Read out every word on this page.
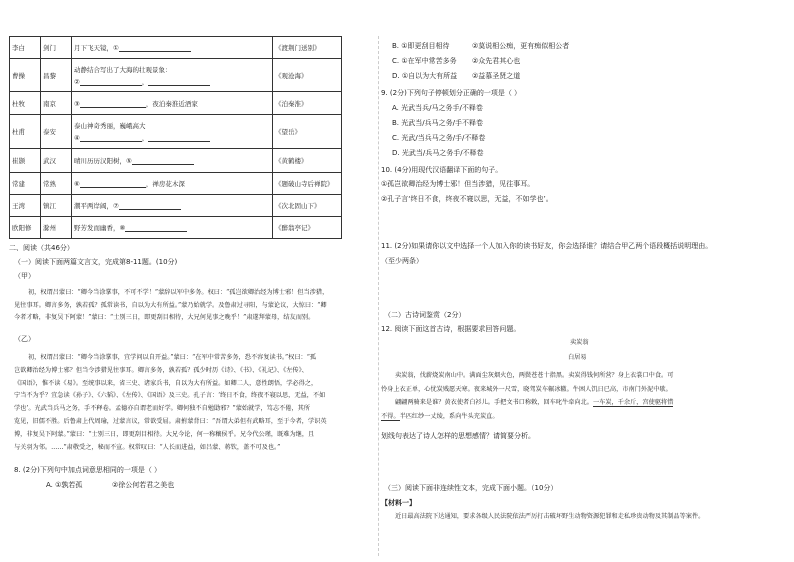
李白	剑门	月下飞天镜，①	《渡荆门送别》
曹操	昌黎	动静结合写出了大海的壮观景象：
② ，	《观沧海》
杜牧	南京	③ ，夜泊秦淮近酒家	《泊秦淮》
杜甫	泰安	泰山神奇秀丽，巍峨高大
④ ，	《望岳》
崔颢	武汉	晴川历历汉阳树，⑤	《黄鹤楼》
常建	常熟	⑥ ，禅房花木深	《题破山寺后禅院》
王湾	镇江	潮平两岸阔，⑦	《次北固山下》
欧阳修	滁州	野芳发而幽香，⑧	《醉翁亭记》
二、阅读（共46分）
（一）阅读下面两篇文言文，完成第8-11题。(10分)
（甲）
初，权谓吕蒙曰：“卿今当涂掌事，不可不学！”蒙辞以军中多务。权曰：“孤岂欲卿治经为博士邪！但当涉猎，
见往事耳。卿言多务，孰若孤？孤常读书，自以为大有所益。”蒙乃始就学。及鲁肃过寻阳，与蒙论议，大惊曰：“卿
今者才略，非复吴下阿蒙！”蒙曰：“士别三日，即更刮目相待，大兄何见事之晚乎！”肃遂拜蒙母，结友而别。
（乙）
初，权谓吕蒙曰：“卿今当涂掌事，宜学问以自开益。”蒙曰：“在军中常苦多务，恐不容复读书。”权曰：“孤
岂欲卿治经为博士邪？但当令涉猎见往事耳。卿言多务，孰若孤？孤少时历《诗》、《书》、《礼记》、《左传》、
《国语》，惟不读《易》。至统事以来，省三史、诸家兵书，自以为大有所益。如卿二人，意性朗悟，学必得之，
宁当不为乎？宜急读《孙子》、《六韬》、《左传》、《国语》及三史。孔子言：‘终日不食，终夜不寝以思，无益，不如
学也’。光武当兵马之务，手不释卷。孟德亦自谓老而好学。卿何独不自勉勖邪？”蒙始就学，笃志不倦，其所
览见，旧儒不胜。后鲁肃上代周瑜，过蒙言议，常欲受屈。肃拊蒙背曰：“吾谓大弟但有武略耳，至于今者，学识英
博，非复吴下阿蒙。”蒙曰：“士别三日，即更刮目相待。大兄今论，何一称穰侯乎。兄今代公瑾，既难为继，且
与关羽为邻。……”肃敬受之，秘而不宣。权常叹曰：“人长而进益，如吕蒙、蒋钦，盖不可及也。”
8. (2分)下列句中加点词意思相同的一项是（ ）
A. ①孰若孤	②徐公何若君之美也
B. ①即更刮目相待	②莫说相公痴，更有痴似相公者
C. ①在军中常苦多务 ②众先君其心也
D. ①自以为大有所益 ②益慕圣贤之道
9. (2分)下列句子停顿划分正确的一项是（ ）
A. 光武当兵/马之务手/不释卷
B. 光武当/兵马之务/手不释卷
C. 光武/当兵马之务/手/不释卷
D. 光武当/兵马之务手/不释卷
10. (4分)用现代汉语翻译下面的句子。
①孤岂欲卿治经为博士邪！但当涉猎，见往事耳。
②孔子言‘终日不食，终夜不寝以思，无益，不如学也’。
11. (2分)如果请你以文中选择一个人加入你的读书好友，你会选择谁？请结合甲乙两个语段概括说明理由。
（至少两条）
（二）古诗词鉴赏（2分）
12. 阅读下面这首古诗，根据要求回答问题。
卖炭翁
白居易
卖炭翁，伐薪烧炭南山中。满面尘灰烟火色，两鬓苍苍十指黑。卖炭得钱何所营？身上衣裳口中食。可
怜身上衣正单，心忧炭贱愿天寒。夜来城外一尺雪，晓驾炭车辗冰辙。牛困人饥日已高，市南门外泥中歇。
翩翩两骑来是谁？黄衣使者白衫儿。手把文书口称敕，回车叱牛牵向北。一车炭，千余斤，宫使驱将惜
不得。半匹红纱一丈绫，系向牛头充炭直。
划线句表达了诗人怎样的思想感情？请简要分析。
（三）阅读下面非连续性文本，完成下面小题。（10分）
【材料一】
近日最高法院下达通知，要求各级人民法院依法严厉打击破坏野生动物资源犯罪和走私珍贵动物及其制品等案件。
